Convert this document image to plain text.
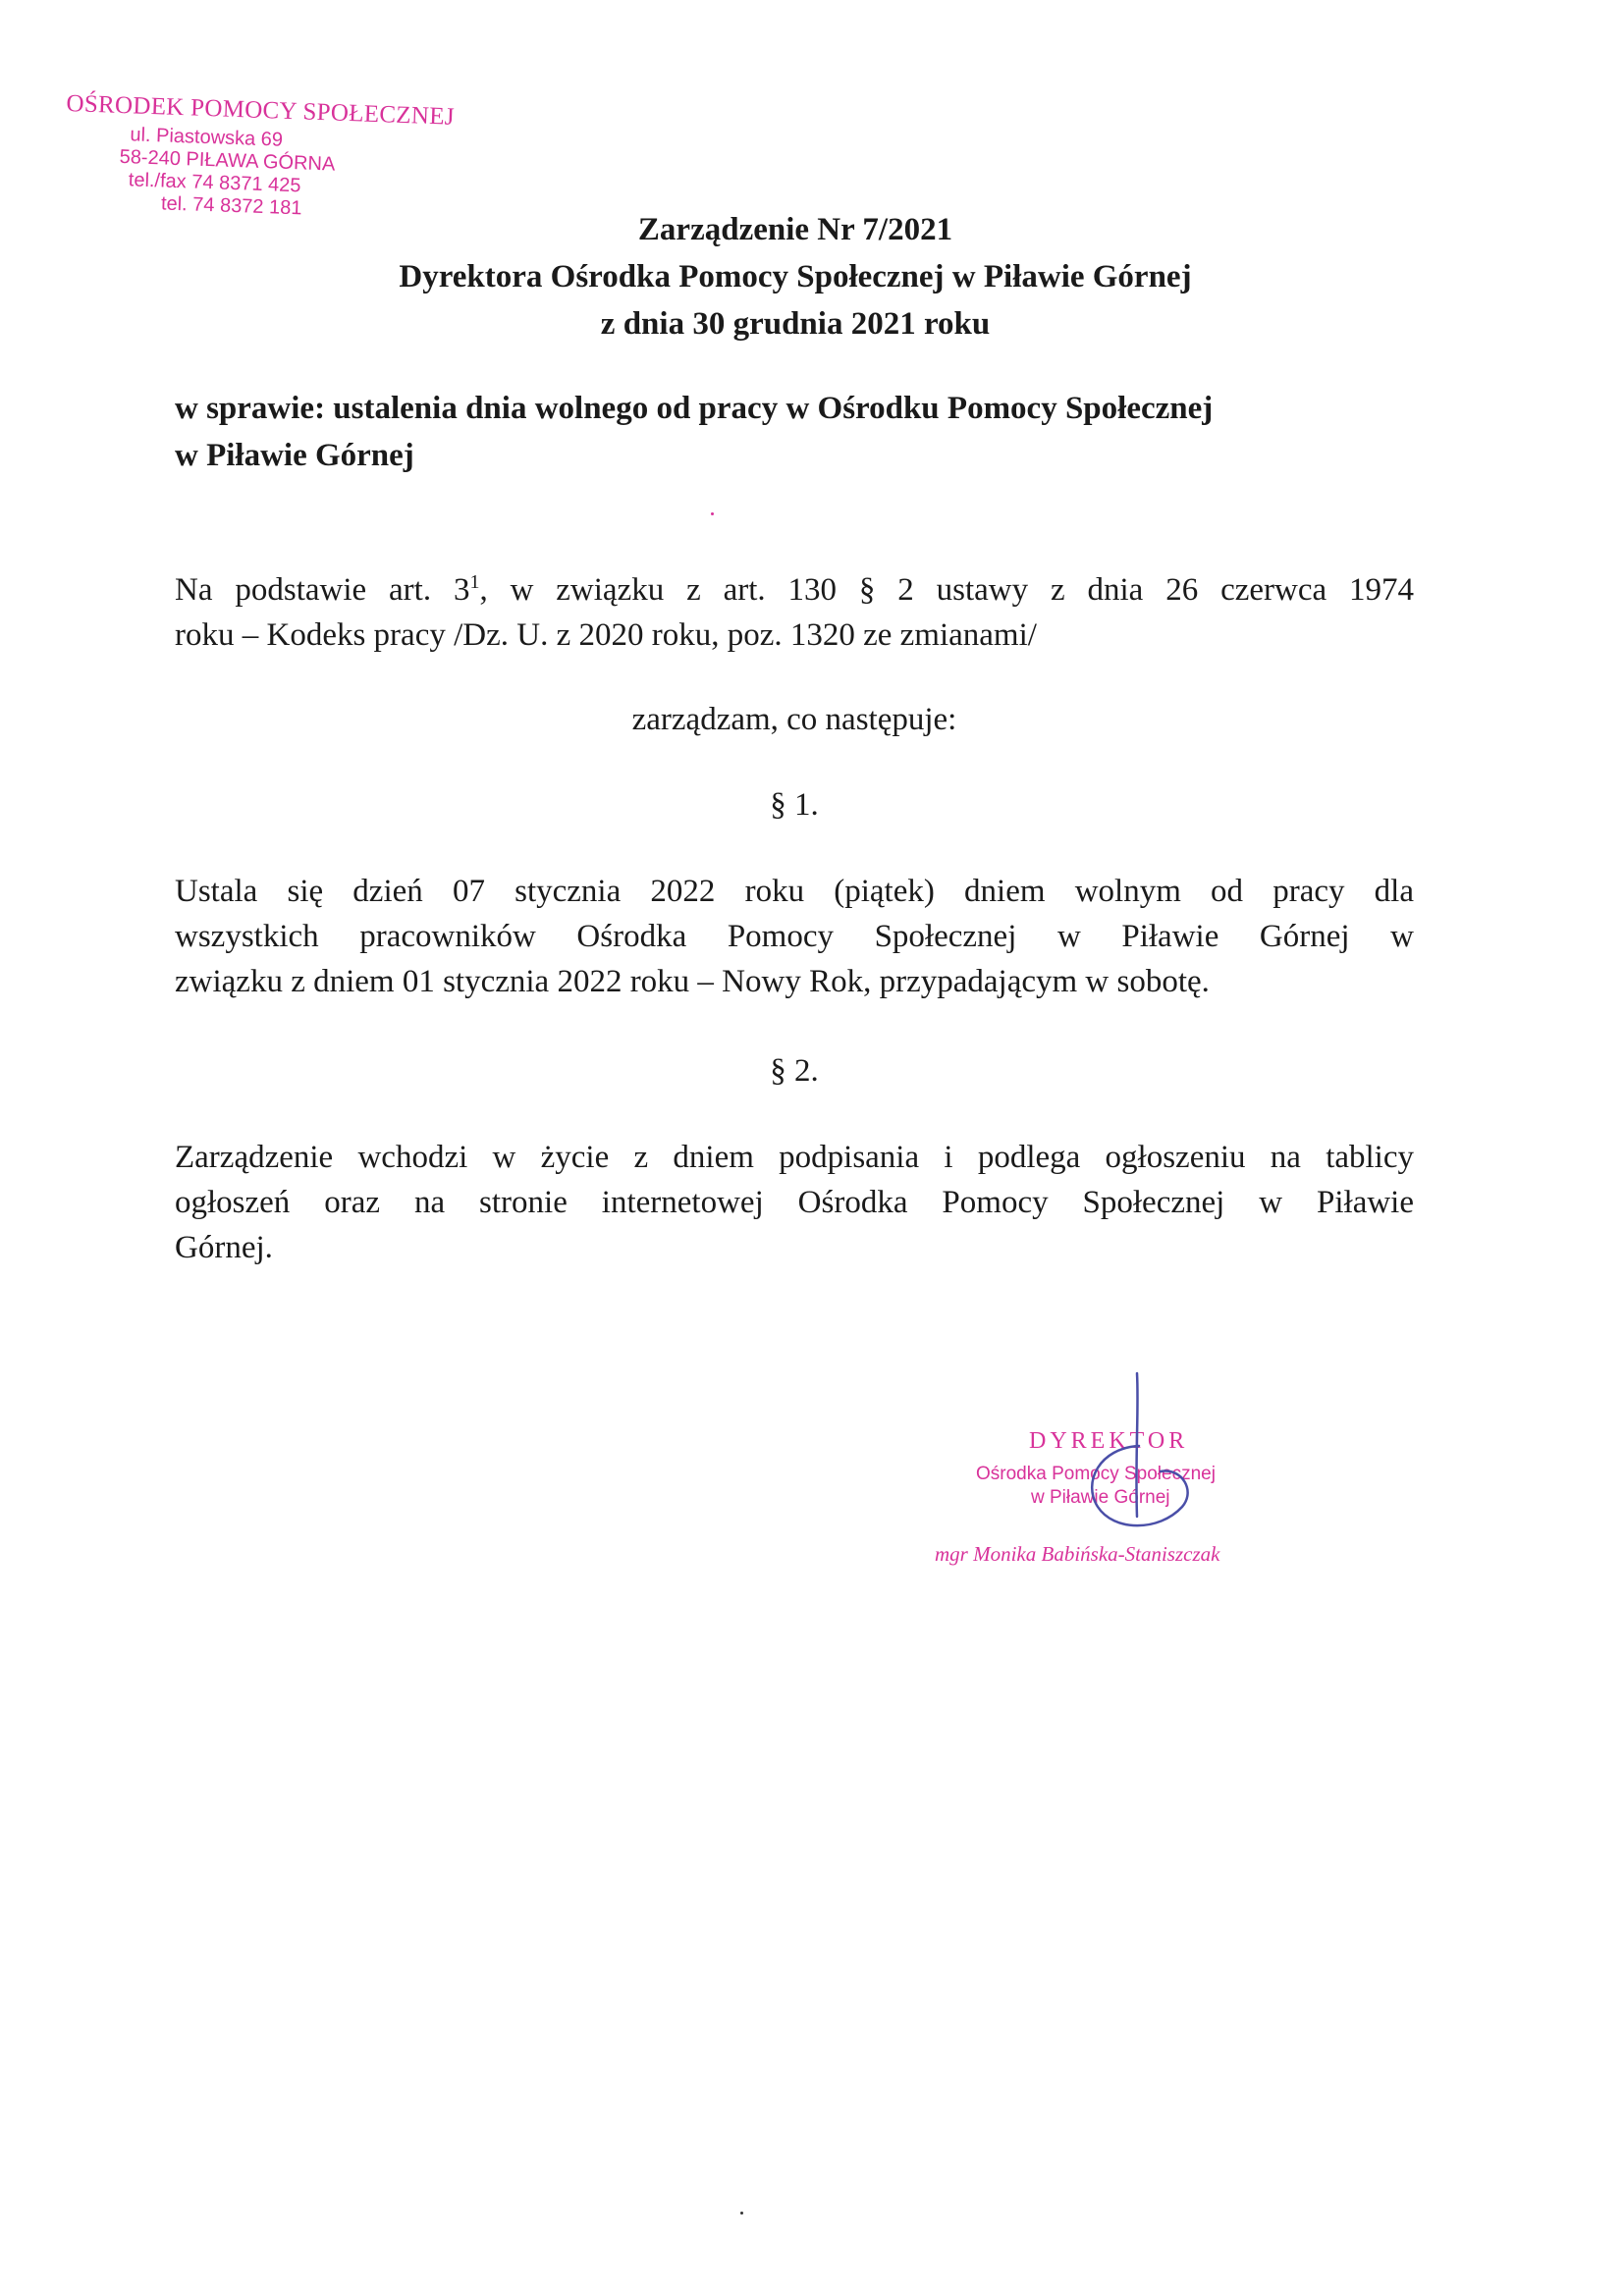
OŚRODEK POMOCY SPOŁECZNEJ
ul. Piastowska 69
58-240 PIŁAWA GÓRNA
tel./fax 74 8371 425
tel. 74 8372 181
Zarządzenie Nr 7/2021
Dyrektora Ośrodka Pomocy Społecznej w Piławie Górnej
z dnia 30 grudnia 2021 roku
w sprawie: ustalenia dnia wolnego od pracy w Ośrodku Pomocy Społecznej
w Piławie Górnej
Na podstawie art. $3^1$, w związku z art. 130 § 2 ustawy z dnia 26 czerwca 1974
roku – Kodeks pracy /Dz. U. z 2020 roku, poz. 1320 ze zmianami/
zarządzam, co następuje:
§ 1.
Ustala się dzień 07 stycznia 2022 roku (piątek) dniem wolnym od pracy dla
wszystkich pracowników Ośrodka Pomocy Społecznej w Piławie Górnej w
związku z dniem 01 stycznia 2022 roku – Nowy Rok, przypadającym w sobotę.
§ 2.
Zarządzenie wchodzi w życie z dniem podpisania i podlega ogłoszeniu na tablicy
ogłoszeń oraz na stronie internetowej Ośrodka Pomocy Społecznej w Piławie
Górnej.
DYREKTOR
Ośrodka Pomocy Społecznej
w Piławie Górnej
mgr Monika Babińska-Staniszczak
